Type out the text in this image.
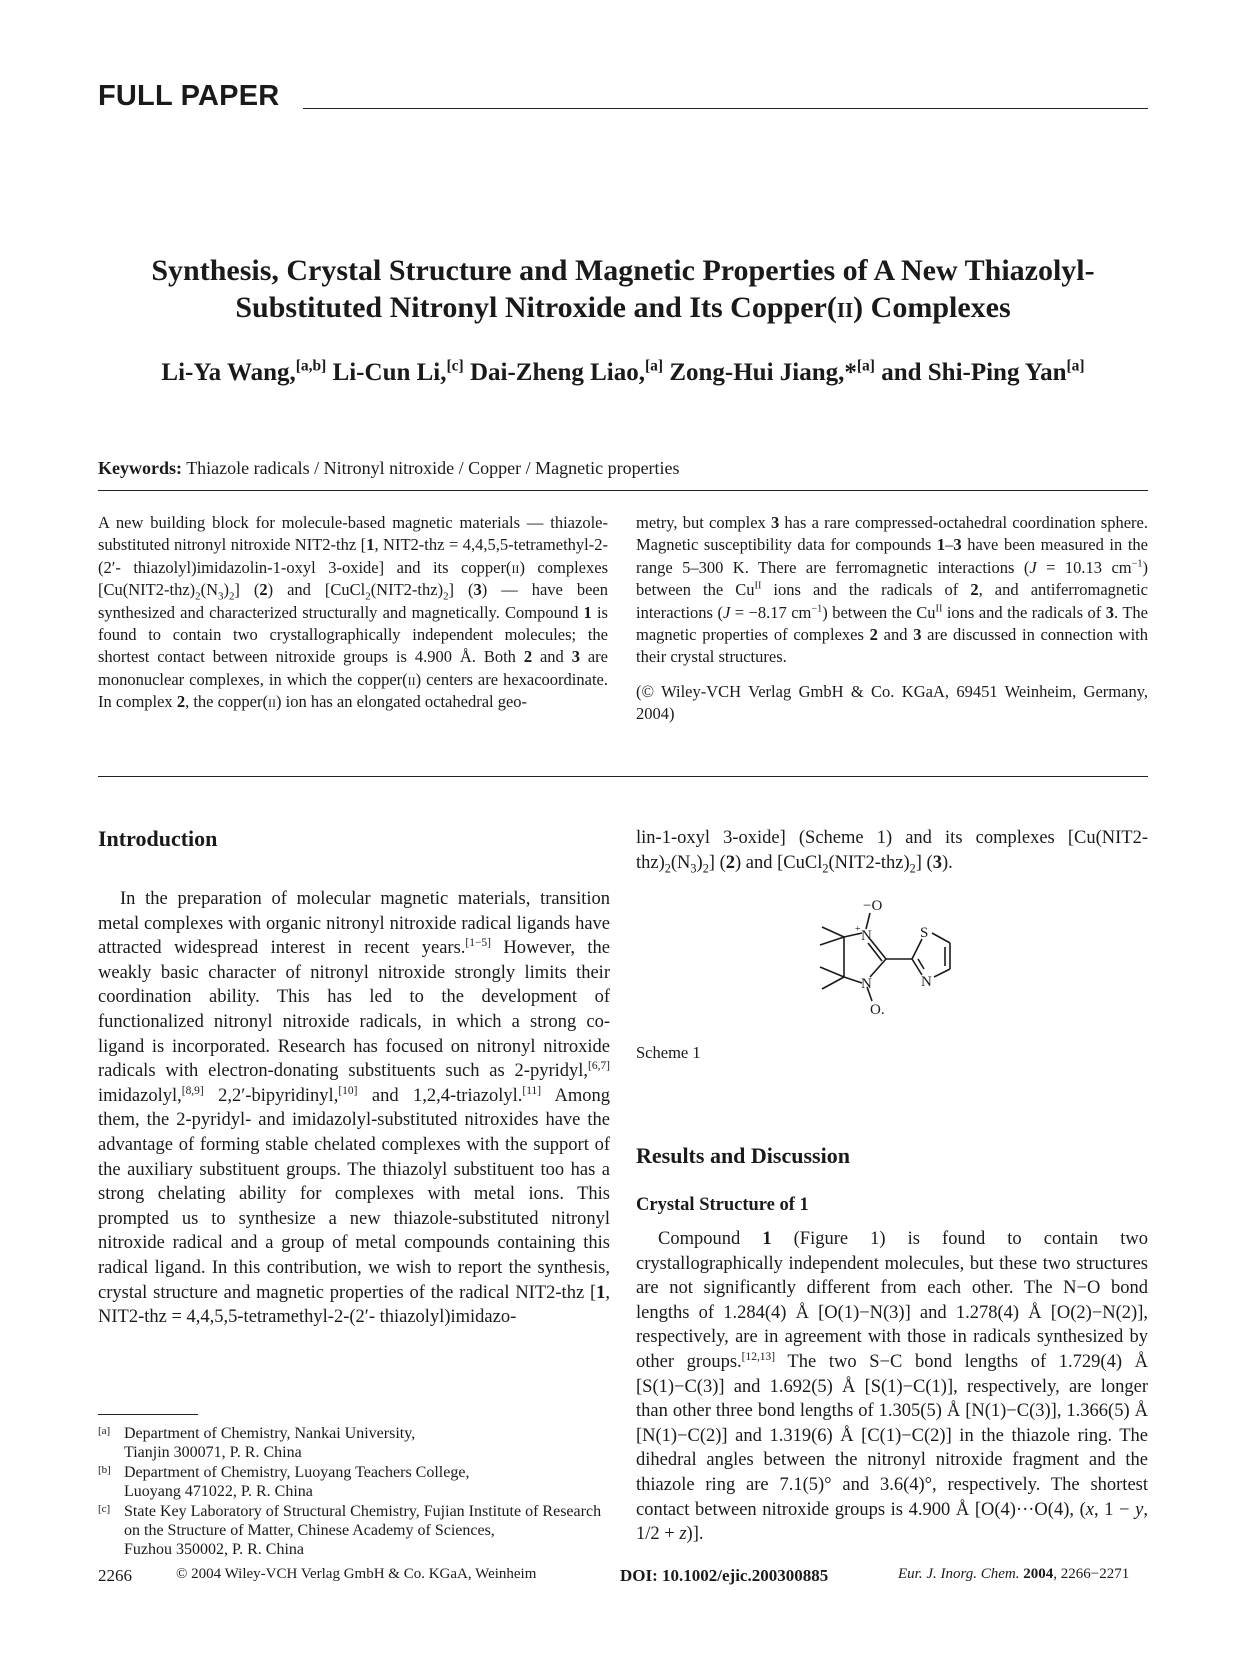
FULL PAPER
Synthesis, Crystal Structure and Magnetic Properties of A New Thiazolyl-
Substituted Nitronyl Nitroxide and Its Copper(ii) Complexes
Li-Ya Wang,[a,b] Li-Cun Li,[c] Dai-Zheng Liao,[a] Zong-Hui Jiang,*[a] and Shi-Ping Yan[a]
Keywords: Thiazole radicals / Nitronyl nitroxide / Copper / Magnetic properties
A new building block for molecule-based magnetic materials — thiazole-substituted nitronyl nitroxide NIT2-thz [1, NIT2-thz = 4,4,5,5-tetramethyl-2-(2′- thiazolyl)imidazolin-1-oxyl 3-oxide] and its copper(ii) complexes $[Cu(NIT2-thz)_2(N_3)_2]$ (2) and $[CuCl_2(NIT2-thz)_2]$ (3) — have been synthesized and characterized structurally and magnetically. Compound 1 is found to contain two crystallographically independent molecules; the shortest contact between nitroxide groups is 4.900 Å. Both 2 and 3 are mononuclear complexes, in which the copper(ii) centers are hexacoordinate. In complex 2, the copper(ii) ion has an elongated octahedral geo-
metry, but complex 3 has a rare compressed-octahedral coordination sphere. Magnetic susceptibility data for compounds 1–3 have been measured in the range 5–300 K. There are ferromagnetic interactions (J = 10.13 $cm^{-1}$) between the $Cu^{II}$ ions and the radicals of 2, and antiferromagnetic interactions (J = −8.17 $cm^{-1}$) between the $Cu^{II}$ ions and the radicals of 3. The magnetic properties of complexes 2 and 3 are discussed in connection with their crystal structures.
(© Wiley-VCH Verlag GmbH & Co. KGaA, 69451 Weinheim, Germany, 2004)
Introduction
In the preparation of molecular magnetic materials, transition metal complexes with organic nitronyl nitroxide radical ligands have attracted widespread interest in recent years.[1−5] However, the weakly basic character of nitronyl nitroxide strongly limits their coordination ability. This has led to the development of functionalized nitronyl nitroxide radicals, in which a strong co-ligand is incorporated. Research has focused on nitronyl nitroxide radicals with electron-donating substituents such as 2-pyridyl,[6,7] imidazolyl,[8,9] 2,2′-bipyridinyl,[10] and 1,2,4-triazolyl.[11] Among them, the 2-pyridyl- and imidazolyl-substituted nitroxides have the advantage of forming stable chelated complexes with the support of the auxiliary substituent groups. The thiazolyl substituent too has a strong chelating ability for complexes with metal ions. This prompted us to synthesize a new thiazole-substituted nitronyl nitroxide radical and a group of metal compounds containing this radical ligand. In this contribution, we wish to report the synthesis, crystal structure and magnetic properties of the radical NIT2-thz [1, NIT2-thz = 4,4,5,5-tetramethyl-2-(2′- thiazolyl)imidazo-
[a] Department of Chemistry, Nankai University,
Tianjin 300071, P. R. China
[b] Department of Chemistry, Luoyang Teachers College,
Luoyang 471022, P. R. China
[c] State Key Laboratory of Structural Chemistry, Fujian Institute of Research on the Structure of Matter, Chinese Academy of Sciences,
Fuzhou 350002, P. R. China
lin-1-oxyl 3-oxide] (Scheme 1) and its complexes $[Cu(NIT2-thz)_2(N_3)_2]$ (2) and $[CuCl_2(NIT2-thz)_2]$ (3).
−O
N
+
N
O.
S
N
Scheme 1
Results and Discussion
Crystal Structure of 1
Compound 1 (Figure 1) is found to contain two crystallographically independent molecules, but these two structures are not significantly different from each other. The N−O bond lengths of 1.284(4) Å [O(1)−N(3)] and 1.278(4) Å [O(2)−N(2)], respectively, are in agreement with those in radicals synthesized by other groups.[12,13] The two S−C bond lengths of 1.729(4) Å [S(1)−C(3)] and 1.692(5) Å [S(1)−C(1)], respectively, are longer than other three bond lengths of 1.305(5) Å [N(1)−C(3)], 1.366(5) Å [N(1)−C(2)] and 1.319(6) Å [C(1)−C(2)] in the thiazole ring. The dihedral angles between the nitronyl nitroxide fragment and the thiazole ring are 7.1(5)° and 3.6(4)°, respectively. The shortest contact between nitroxide groups is 4.900 Å [O(4)···O(4), (x, 1 − y, 1/2 + z)].
2266	© 2004 Wiley-VCH Verlag GmbH & Co. KGaA, Weinheim	DOI: 10.1002/ejic.200300885	Eur. J. Inorg. Chem. 2004 , 2266−2271
